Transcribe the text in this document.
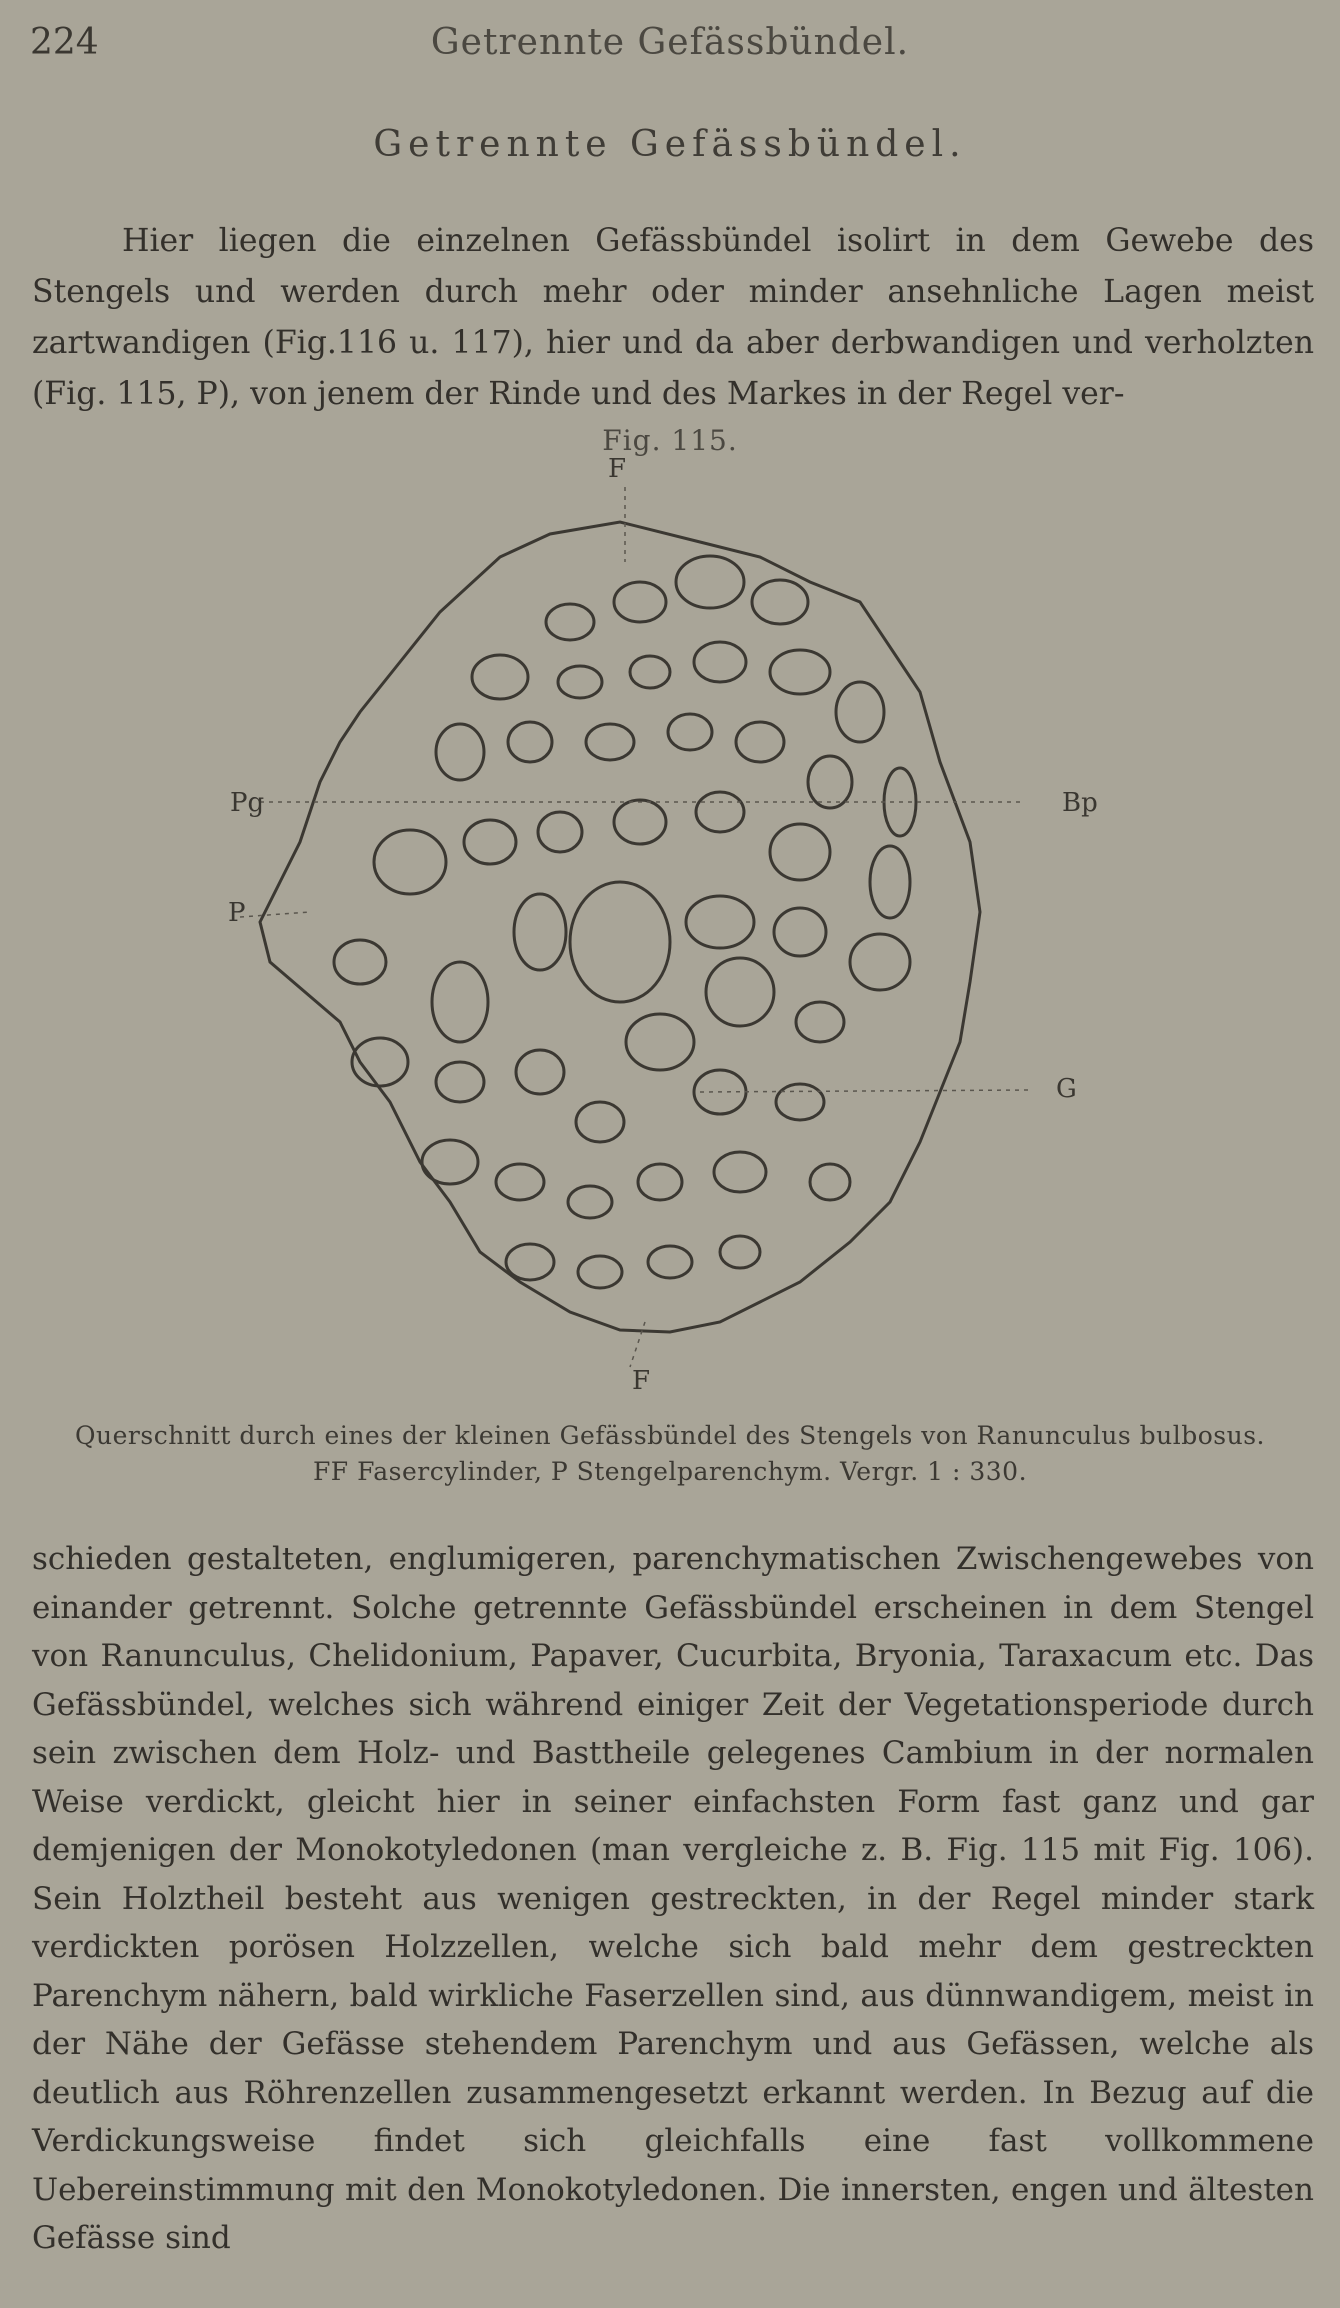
224	Getrennte Gefässbündel.
Getrennte Gefässbündel.

Hier liegen die einzelnen Gefässbündel isolirt in dem Gewebe des Stengels und werden durch mehr oder minder ansehnliche Lagen meist zartwandigen (Fig.116 u. 117), hier und da aber derbwandigen und verholzten (Fig. 115, P), von jenem der Rinde und des Markes in der Regel ver-

Fig. 115.
F
Pg	Bp
P
G
F
Querschnitt durch eines der kleinen Gefässbündel des Stengels von Ranunculus bulbosus.
FF Fasercylinder, P Stengelparenchym. Vergr. 1 : 330.

schieden gestalteten, englumigeren, parenchymatischen Zwischengewebes von einander getrennt. Solche getrennte Gefässbündel erscheinen in dem Stengel von Ranunculus, Chelidonium, Papaver, Cucurbita, Bryonia, Taraxacum etc. Das Gefässbündel, welches sich während einiger Zeit der Vegetationsperiode durch sein zwischen dem Holz- und Basttheile gelegenes Cambium in der normalen Weise verdickt, gleicht hier in seiner einfachsten Form fast ganz und gar demjenigen der Monokotyledonen (man vergleiche z. B. Fig. 115 mit Fig. 106). Sein Holztheil besteht aus wenigen gestreckten, in der Regel minder stark verdickten porösen Holzzellen, welche sich bald mehr dem gestreckten Parenchym nähern, bald wirkliche Faserzellen sind, aus dünnwandigem, meist in der Nähe der Gefässe stehendem Parenchym und aus Gefässen, welche als deutlich aus Röhrenzellen zusammengesetzt erkannt werden. In Bezug auf die Verdickungsweise findet sich gleichfalls eine fast vollkommene Uebereinstimmung mit den Monokotyledonen. Die innersten, engen und ältesten Gefässe sind
